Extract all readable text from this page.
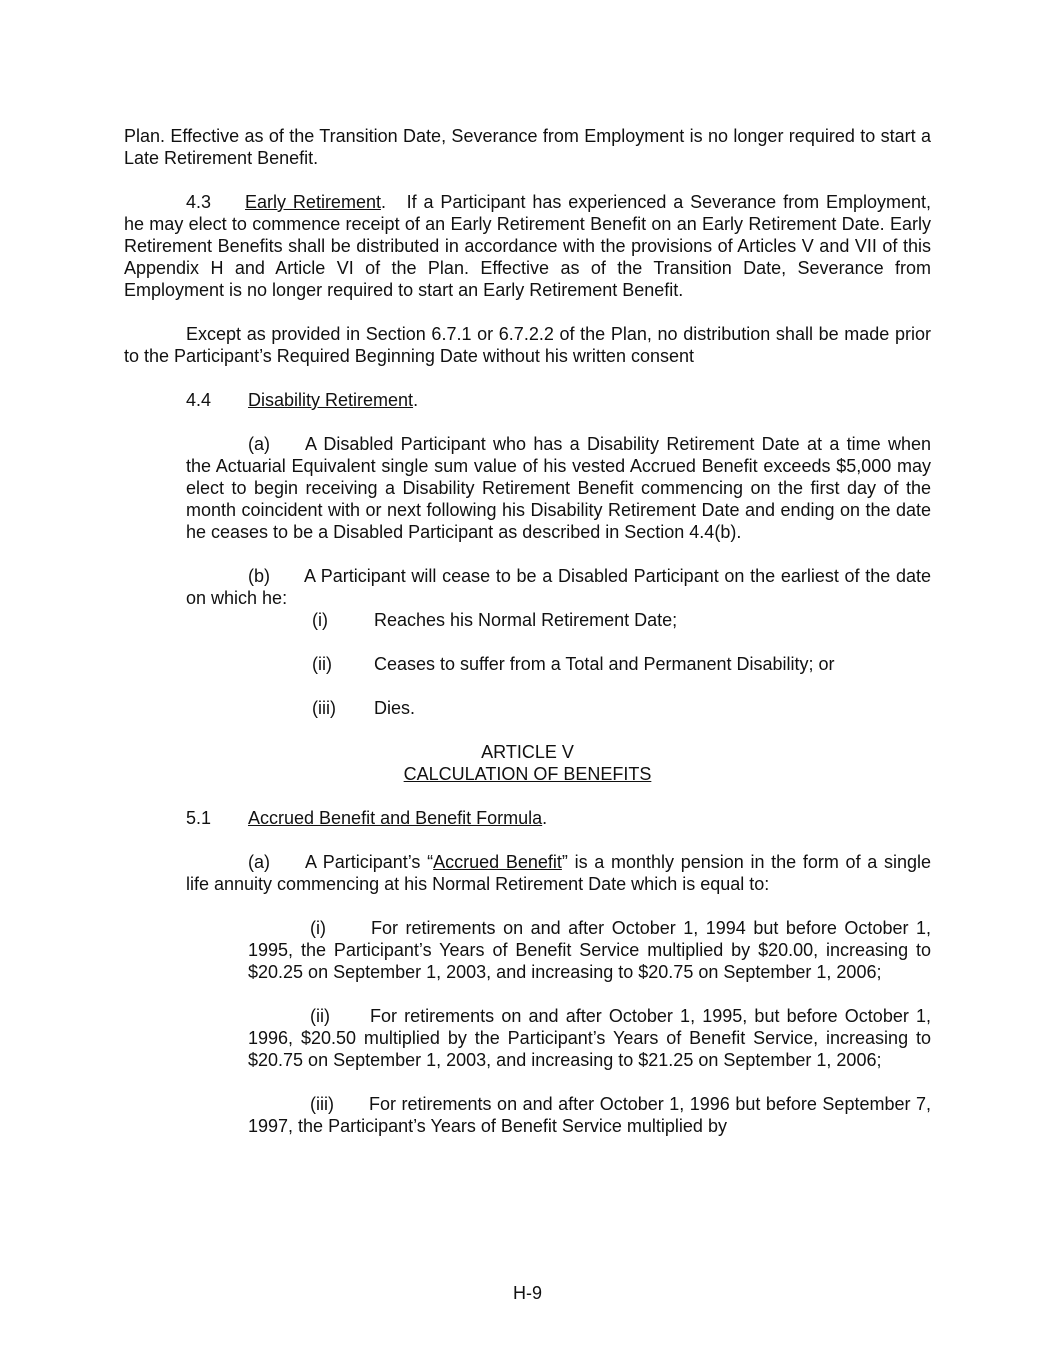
Plan. Effective as of the Transition Date, Severance from Employment is no longer required to start a Late Retirement Benefit.

4.3 Early Retirement.   If a Participant has experienced a Severance from Employment, he may elect to commence receipt of an Early Retirement Benefit on an Early Retirement Date. Early Retirement Benefits shall be distributed in accordance with the provisions of Articles V and VII of this Appendix H and Article VI of the Plan. Effective as of the Transition Date, Severance from Employment is no longer required to start an Early Retirement Benefit.

Except as provided in Section 6.7.1 or 6.7.2.2 of the Plan, no distribution shall be made prior to the Participant’s Required Beginning Date without his written consent

4.4 Disability Retirement.

(a) A Disabled Participant who has a Disability Retirement Date at a time when the Actuarial Equivalent single sum value of his vested Accrued Benefit exceeds $5,000 may elect to begin receiving a Disability Retirement Benefit commencing on the first day of the month coincident with or next following his Disability Retirement Date and ending on the date he ceases to be a Disabled Participant as described in Section 4.4(b).

(b) A Participant will cease to be a Disabled Participant on the earliest of the date on which he:

(i)	Reaches his Normal Retirement Date;
(ii) Ceases to suffer from a Total and Permanent Disability; or
(iii) Dies.
ARTICLE V
CALCULATION OF BENEFITS
5.1 Accrued Benefit and Benefit Formula.

(a) A Participant’s “Accrued Benefit” is a monthly pension in the form of a single life annuity commencing at his Normal Retirement Date which is equal to:

(i)	For retirements on and after October 1, 1994 but before October 1, 1995, the Participant’s Years of Benefit Service multiplied by $20.00, increasing to $20.25 on September 1, 2003, and increasing to $20.75 on September 1, 2006;

(ii) For retirements on and after October 1, 1995, but before October 1, 1996, $20.50 multiplied by the Participant’s Years of Benefit Service, increasing to $20.75 on September 1, 2003, and increasing to $21.25 on September 1, 2006;

(iii) For retirements on and after October 1, 1996 but before September 7, 1997, the Participant’s Years of Benefit Service multiplied by

H-9
